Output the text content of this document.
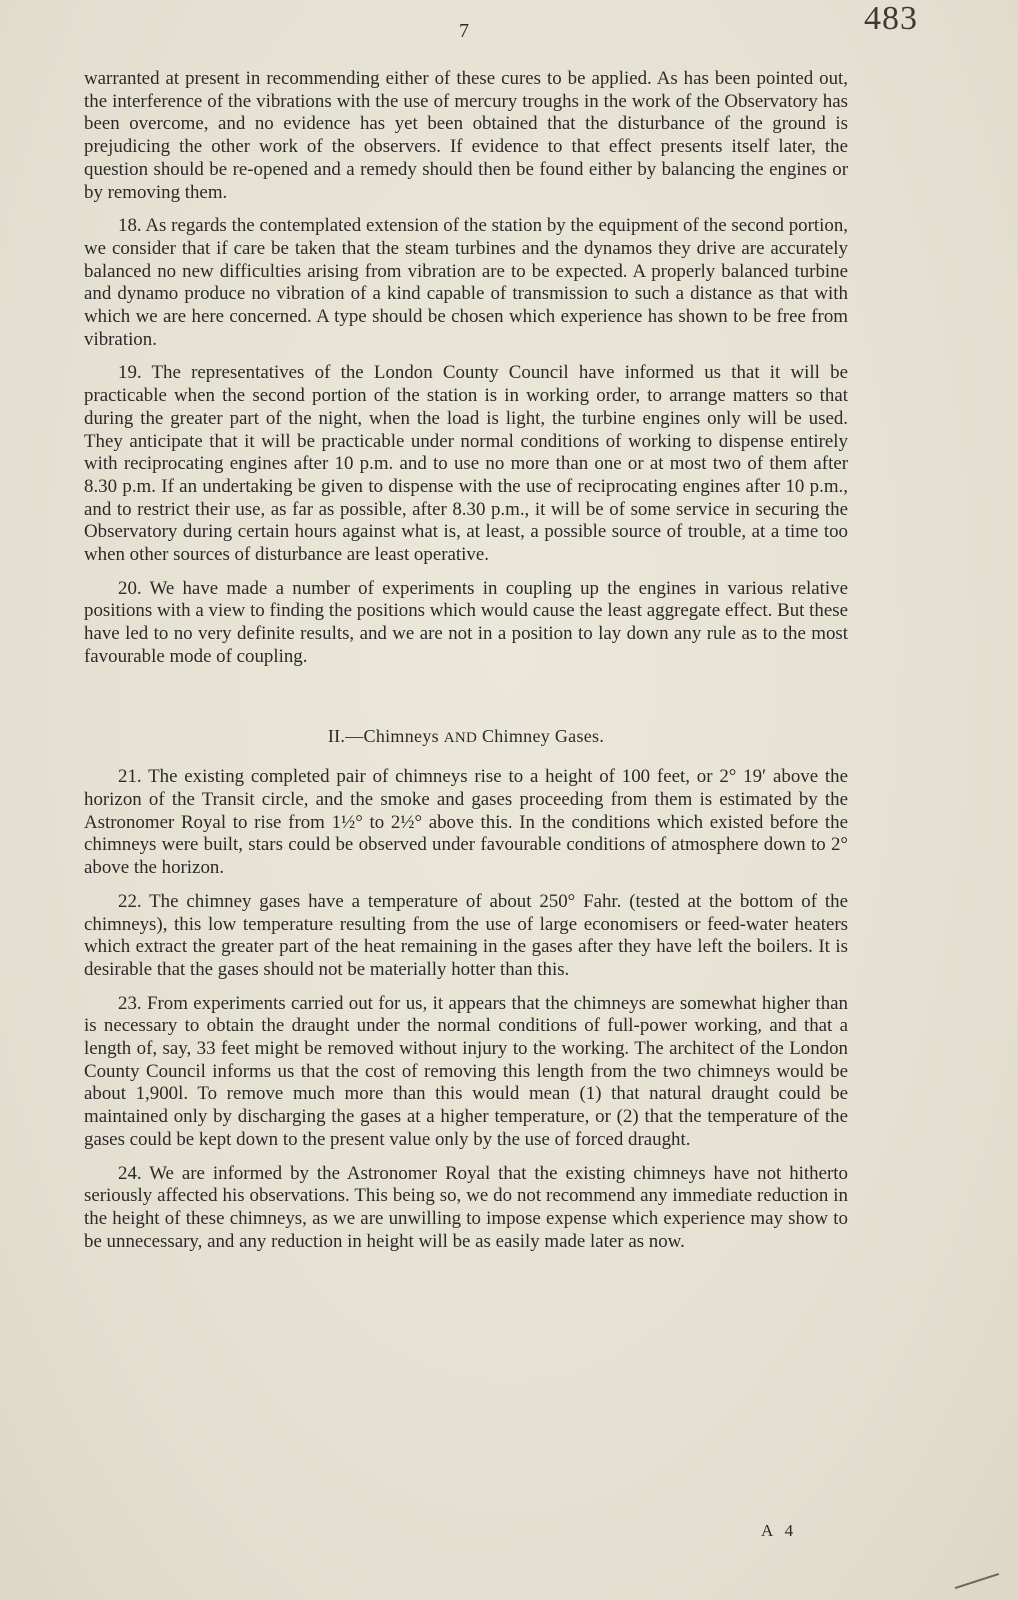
7	483

warranted at present in recommending either of these cures to be applied. As has been pointed out, the interference of the vibrations with the use of mercury troughs in the work of the Observatory has been overcome, and no evidence has yet been obtained that the disturbance of the ground is prejudicing the other work of the observers. If evidence to that effect presents itself later, the question should be re-opened and a remedy should then be found either by balancing the engines or by removing them.

18. As regards the contemplated extension of the station by the equipment of the second portion, we consider that if care be taken that the steam turbines and the dynamos they drive are accurately balanced no new difficulties arising from vibration are to be expected. A properly balanced turbine and dynamo produce no vibration of a kind capable of transmission to such a distance as that with which we are here concerned. A type should be chosen which experience has shown to be free from vibration.

19. The representatives of the London County Council have informed us that it will be practicable when the second portion of the station is in working order, to arrange matters so that during the greater part of the night, when the load is light, the turbine engines only will be used. They anticipate that it will be practicable under normal conditions of working to dispense entirely with reciprocating engines after 10 p.m. and to use no more than one or at most two of them after 8.30 p.m. If an undertaking be given to dispense with the use of reciprocating engines after 10 p.m., and to restrict their use, as far as possible, after 8.30 p.m., it will be of some service in securing the Observatory during certain hours against what is, at least, a possible source of trouble, at a time too when other sources of disturbance are least operative.

20. We have made a number of experiments in coupling up the engines in various relative positions with a view to finding the positions which would cause the least aggregate effect. But these have led to no very definite results, and we are not in a position to lay down any rule as to the most favourable mode of coupling.

II.—Chimneys AND Chimney Gases.

21. The existing completed pair of chimneys rise to a height of 100 feet, or 2° 19′ above the horizon of the Transit circle, and the smoke and gases proceeding from them is estimated by the Astronomer Royal to rise from 1½° to 2½° above this. In the conditions which existed before the chimneys were built, stars could be observed under favourable conditions of atmosphere down to 2° above the horizon.

22. The chimney gases have a temperature of about 250° Fahr. (tested at the bottom of the chimneys), this low temperature resulting from the use of large economisers or feed-water heaters which extract the greater part of the heat remaining in the gases after they have left the boilers. It is desirable that the gases should not be materially hotter than this.

23. From experiments carried out for us, it appears that the chimneys are somewhat higher than is necessary to obtain the draught under the normal conditions of full-power working, and that a length of, say, 33 feet might be removed without injury to the working. The architect of the London County Council informs us that the cost of removing this length from the two chimneys would be about 1,900l. To remove much more than this would mean (1) that natural draught could be maintained only by discharging the gases at a higher temperature, or (2) that the temperature of the gases could be kept down to the present value only by the use of forced draught.

24. We are informed by the Astronomer Royal that the existing chimneys have not hitherto seriously affected his observations. This being so, we do not recommend any immediate reduction in the height of these chimneys, as we are unwilling to impose expense which experience may show to be unnecessary, and any reduction in height will be as easily made later as now.

A 4
